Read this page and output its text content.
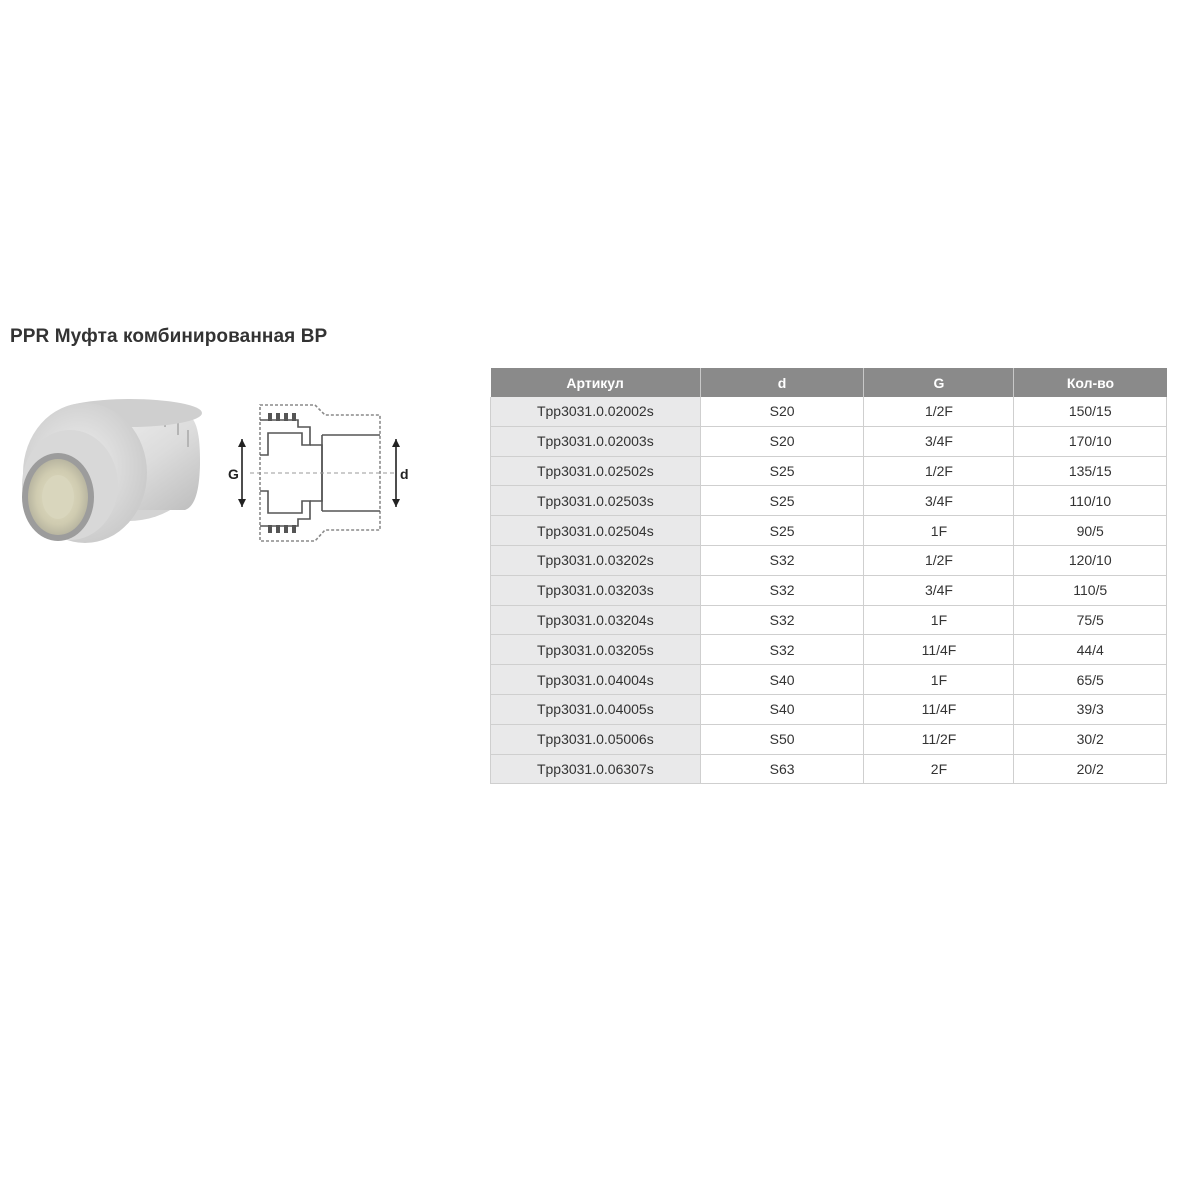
PPR Муфта комбинированная ВР
G	d
Артикул	d	G	Кол-во
Tpp3031.0.02002s	S20	1/2F	150/15
Tpp3031.0.02003s	S20	3/4F	170/10
Tpp3031.0.02502s	S25	1/2F	135/15
Tpp3031.0.02503s	S25	3/4F	110/10
Tpp3031.0.02504s	S25	1F	90/5
Tpp3031.0.03202s	S32	1/2F	120/10
Tpp3031.0.03203s	S32	3/4F	110/5
Tpp3031.0.03204s	S32	1F	75/5
Tpp3031.0.03205s	S32	11/4F	44/4
Tpp3031.0.04004s	S40	1F	65/5
Tpp3031.0.04005s	S40	11/4F	39/3
Tpp3031.0.05006s	S50	11/2F	30/2
Tpp3031.0.06307s	S63	2F	20/2
